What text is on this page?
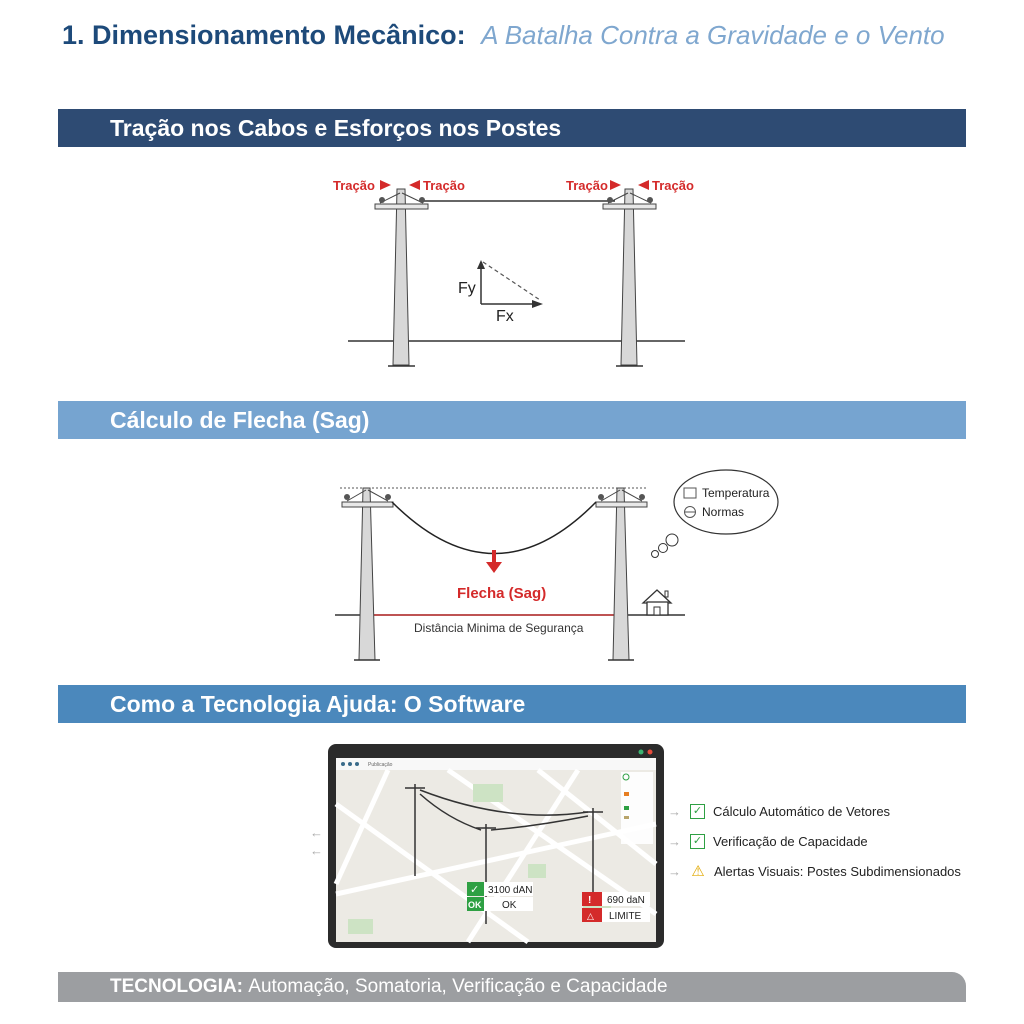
1. Dimensionamento Mecânico: A Batalha Contra a Gravidade e o Vento
Tração nos Cabos e Esforços nos Postes
Tração	Tração	Tração	Tração
Fy
Fx
Cálculo de Flecha (Sag)
Flecha (Sag)
Distância Minima de Segurança
Temperatura
Normas
Como a Tecnologia Ajuda: O Software
←
←
Publicação
✓ 3100 dAN
OK OK	! 690 daN
△ LIMITE
→	✓ Cálculo Automático de Vetores
→	✓ Verificação de Capacidade
→ ⚠ Alertas Visuais: Postes Subdimensionados
TECNOLOGIA: Automação, Somatoria, Verificação e Capacidade
